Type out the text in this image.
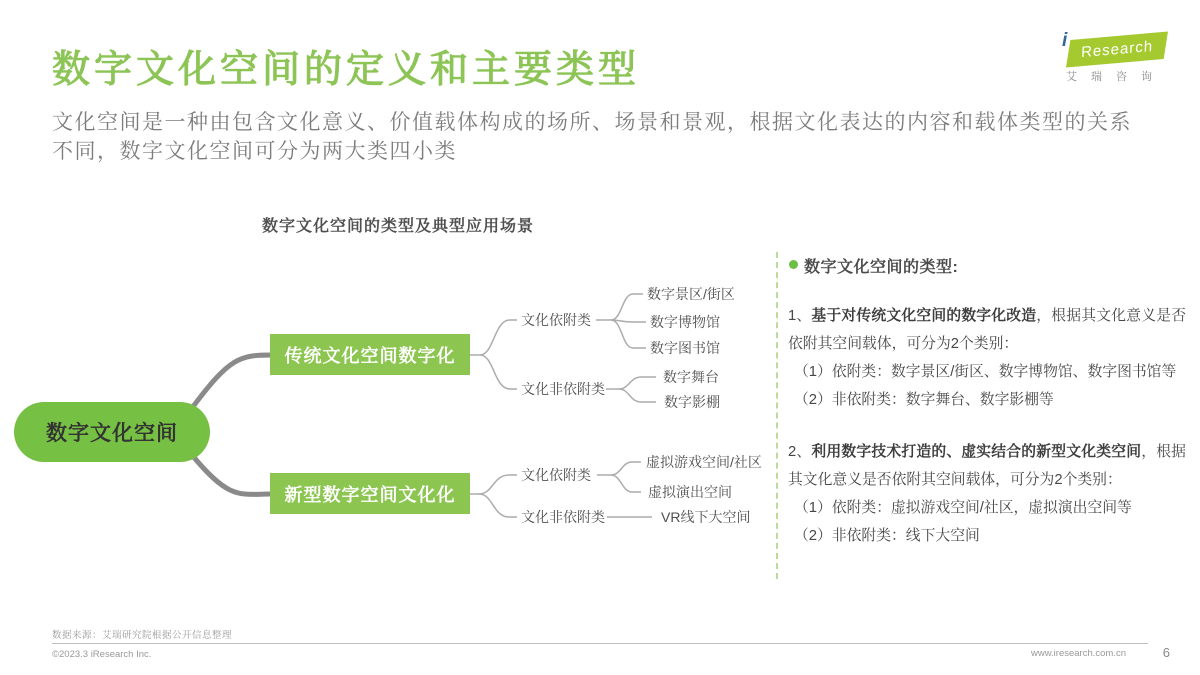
数字文化空间的定义和主要类型	Research
i
艾瑞咨询
文化空间是一种由包含文化意义、价值载体构成的场所、场景和景观，根据文化表达的内容和载体类型的关系
不同，数字文化空间可分为两大类四小类
数字文化空间的类型及典型应用场景
数字文化空间
传统文化空间数字化
新型数字空间文化化
文化依附类
数字景区/街区
数字博物馆
数字图书馆
文化非依附类
数字舞台
数字影棚
文化依附类
虚拟游戏空间/社区
虚拟演出空间
文化非依附类	VR线下大空间
数字文化空间的类型:

1、基于对传统文化空间的数字化改造，根据其文化意义是否依附其空间载体，可分为2个类别：

（1）依附类：数字景区/街区、数字博物馆、数字图书馆等

（2）非依附类：数字舞台、数字影棚等

2、利用数字技术打造的、虚实结合的新型文化类空间，根据其文化意义是否依附其空间载体，可分为2个类别：

（1）依附类：虚拟游戏空间/社区，虚拟演出空间等

（2）非依附类：线下大空间

数据来源：艾瑞研究院根据公开信息整理
©2023.3 iResearch Inc.	www.iresearch.com.cn	6
